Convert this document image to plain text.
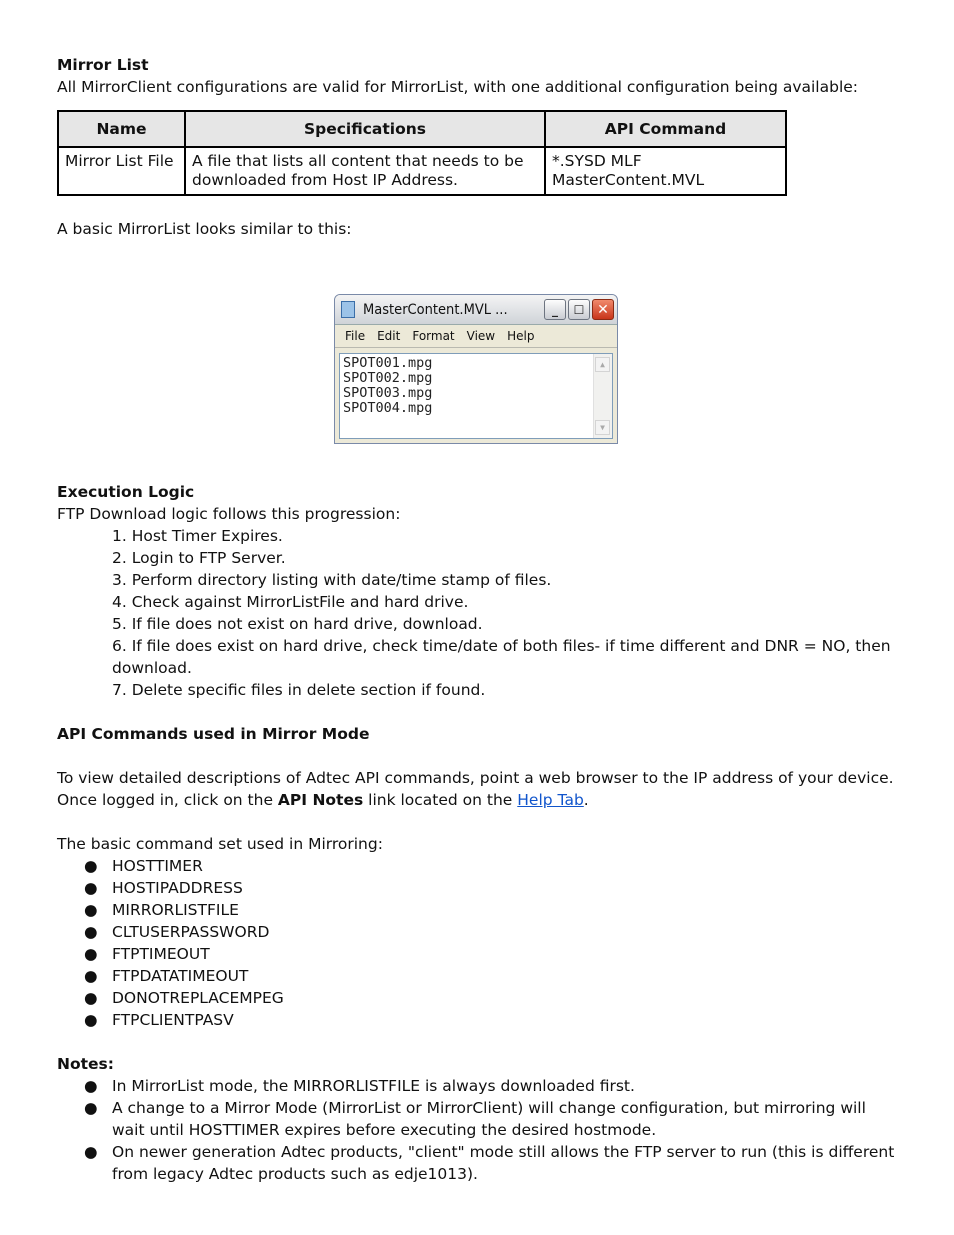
Mirror List

All MirrorClient configurations are valid for MirrorList, with one additional configuration being available:

Name	Specifications	API Command
Mirror List File	A file that lists all content that needs to be downloaded from Host IP Address.	*.SYSD MLF MasterContent.MVL

A basic MirrorList looks similar to this:

MasterContent.MVL ...	_	☐ ✕
File	Edit	Format	View	Help
SPOT001.mpg
SPOT002.mpg
SPOT003.mpg
SPOT004.mpg
▲
▼

Execution Logic

FTP Download logic follows this progression:

1. Host Timer Expires.
2. Login to FTP Server.
3. Perform directory listing with date/time stamp of files.
4. Check against MirrorListFile and hard drive.
5. If file does not exist on hard drive, download.
6. If file does exist on hard drive, check time/date of both files- if time different and DNR = NO, then download.
7. Delete specific files in delete section if found.

API Commands used in Mirror Mode

To view detailed descriptions of Adtec API commands, point a web browser to the IP address of your device. Once logged in, click on the API Notes link located on the Help Tab.

The basic command set used in Mirroring:

● HOSTTIMER
● HOSTIPADDRESS
● MIRRORLISTFILE
● CLTUSERPASSWORD
● FTPTIMEOUT
● FTPDATATIMEOUT
● DONOTREPLACEMPEG
● FTPCLIENTPASV

Notes:

● In MirrorList mode, the MIRRORLISTFILE is always downloaded first.
● A change to a Mirror Mode (MirrorList or MirrorClient) will change configuration, but mirroring will wait until HOSTTIMER expires before executing the desired hostmode.
● On newer generation Adtec products, "client" mode still allows the FTP server to run (this is different from legacy Adtec products such as edje1013).
